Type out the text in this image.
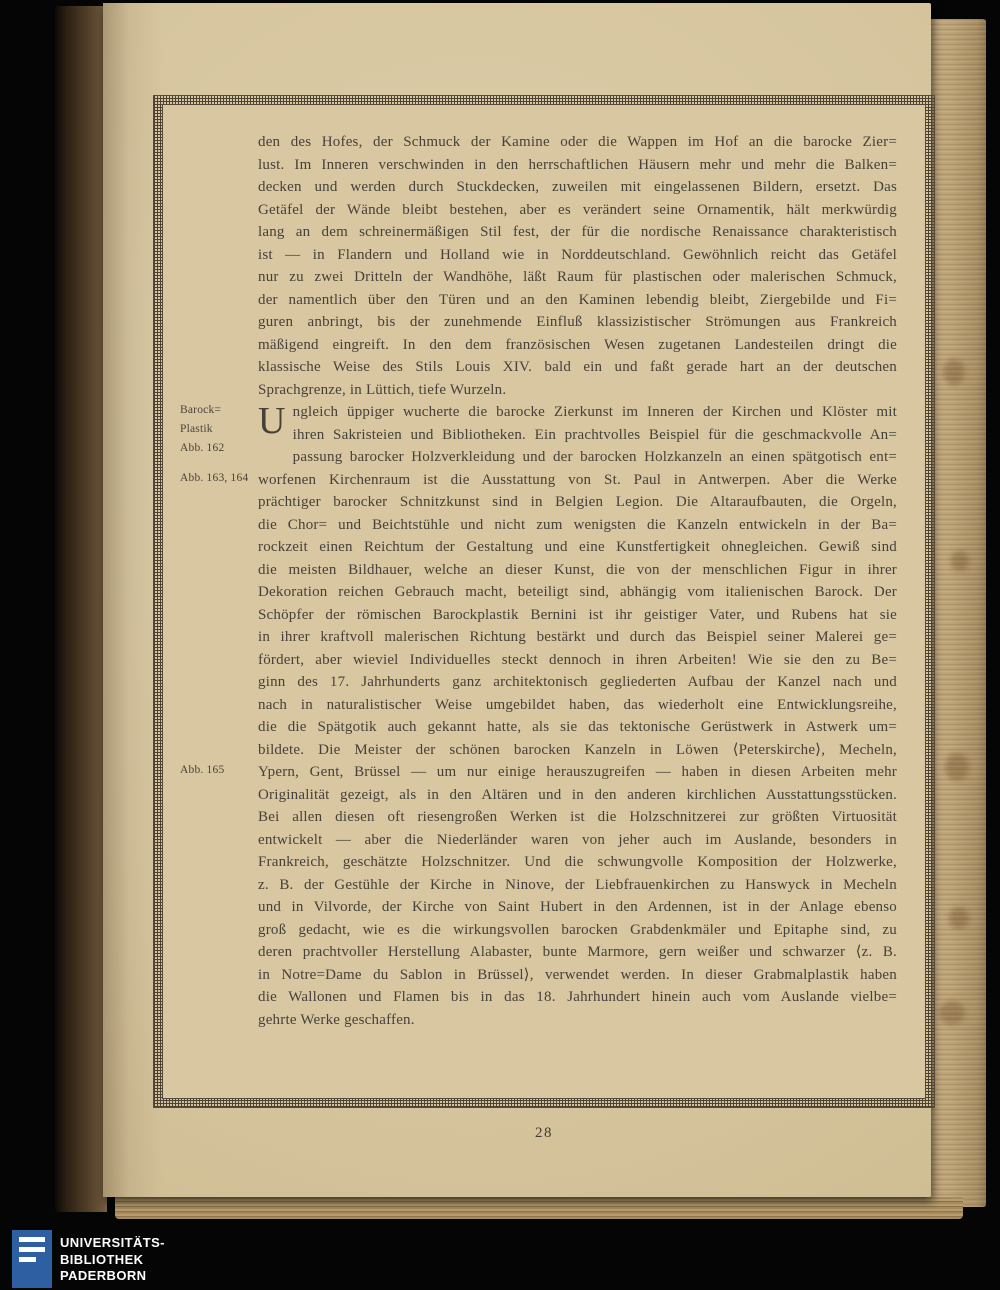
Barock=
Plastik
Abb. 162
Abb. 163, 164
Abb. 165
den des Hofes, der Schmuck der Kamine oder die Wappen im Hof an die barocke Zier=
lust. Im Inneren verschwinden in den herrschaftlichen Häusern mehr und mehr die Balken=
decken und werden durch Stuckdecken, zuweilen mit eingelassenen Bildern, ersetzt. Das
Getäfel der Wände bleibt bestehen, aber es verändert seine Ornamentik, hält merkwürdig
lang an dem schreinermäßigen Stil fest, der für die nordische Renaissance charakteristisch
ist — in Flandern und Holland wie in Norddeutschland. Gewöhnlich reicht das Getäfel
nur zu zwei Dritteln der Wandhöhe, läßt Raum für plastischen oder malerischen Schmuck,
der namentlich über den Türen und an den Kaminen lebendig bleibt, Ziergebilde und Fi=
guren anbringt, bis der zunehmende Einfluß klassizistischer Strömungen aus Frankreich
mäßigend eingreift. In den dem französischen Wesen zugetanen Landesteilen dringt die
klassische Weise des Stils Louis XIV. bald ein und faßt gerade hart an der deutschen
Sprachgrenze, in Lüttich, tiefe Wurzeln.
U ngleich üppiger wucherte die barocke Zierkunst im Inneren der Kirchen und Klöster mit
ihren Sakristeien und Bibliotheken. Ein prachtvolles Beispiel für die geschmackvolle An=
passung barocker Holzverkleidung und der barocken Holzkanzeln an einen spätgotisch ent=
worfenen Kirchenraum ist die Ausstattung von St. Paul in Antwerpen. Aber die Werke
prächtiger barocker Schnitzkunst sind in Belgien Legion. Die Altaraufbauten, die Orgeln,
die Chor= und Beichtstühle und nicht zum wenigsten die Kanzeln entwickeln in der Ba=
rockzeit einen Reichtum der Gestaltung und eine Kunstfertigkeit ohnegleichen. Gewiß sind
die meisten Bildhauer, welche an dieser Kunst, die von der menschlichen Figur in ihrer
Dekoration reichen Gebrauch macht, beteiligt sind, abhängig vom italienischen Barock. Der
Schöpfer der römischen Barockplastik Bernini ist ihr geistiger Vater, und Rubens hat sie
in ihrer kraftvoll malerischen Richtung bestärkt und durch das Beispiel seiner Malerei ge=
fördert, aber wieviel Individuelles steckt dennoch in ihren Arbeiten! Wie sie den zu Be=
ginn des 17. Jahrhunderts ganz architektonisch gegliederten Aufbau der Kanzel nach und
nach in naturalistischer Weise umgebildet haben, das wiederholt eine Entwicklungsreihe,
die die Spätgotik auch gekannt hatte, als sie das tektonische Gerüstwerk in Astwerk um=
bildete. Die Meister der schönen barocken Kanzeln in Löwen ⟨Peterskirche⟩, Mecheln,
Ypern, Gent, Brüssel — um nur einige herauszugreifen — haben in diesen Arbeiten mehr
Originalität gezeigt, als in den Altären und in den anderen kirchlichen Ausstattungsstücken.
Bei allen diesen oft riesengroßen Werken ist die Holzschnitzerei zur größten Virtuosität
entwickelt — aber die Niederländer waren von jeher auch im Auslande, besonders in
Frankreich, geschätzte Holzschnitzer. Und die schwungvolle Komposition der Holzwerke,
z. B. der Gestühle der Kirche in Ninove, der Liebfrauenkirchen zu Hanswyck in Mecheln
und in Vilvorde, der Kirche von Saint Hubert in den Ardennen, ist in der Anlage ebenso
groß gedacht, wie es die wirkungsvollen barocken Grabdenkmäler und Epitaphe sind, zu
deren prachtvoller Herstellung Alabaster, bunte Marmore, gern weißer und schwarzer ⟨z. B.
in Notre=Dame du Sablon in Brüssel⟩, verwendet werden. In dieser Grabmalplastik haben
die Wallonen und Flamen bis in das 18. Jahrhundert hinein auch vom Auslande vielbe=
gehrte Werke geschaffen.
28
UNIVERSITÄTS-
BIBLIOTHEK
PADERBORN
